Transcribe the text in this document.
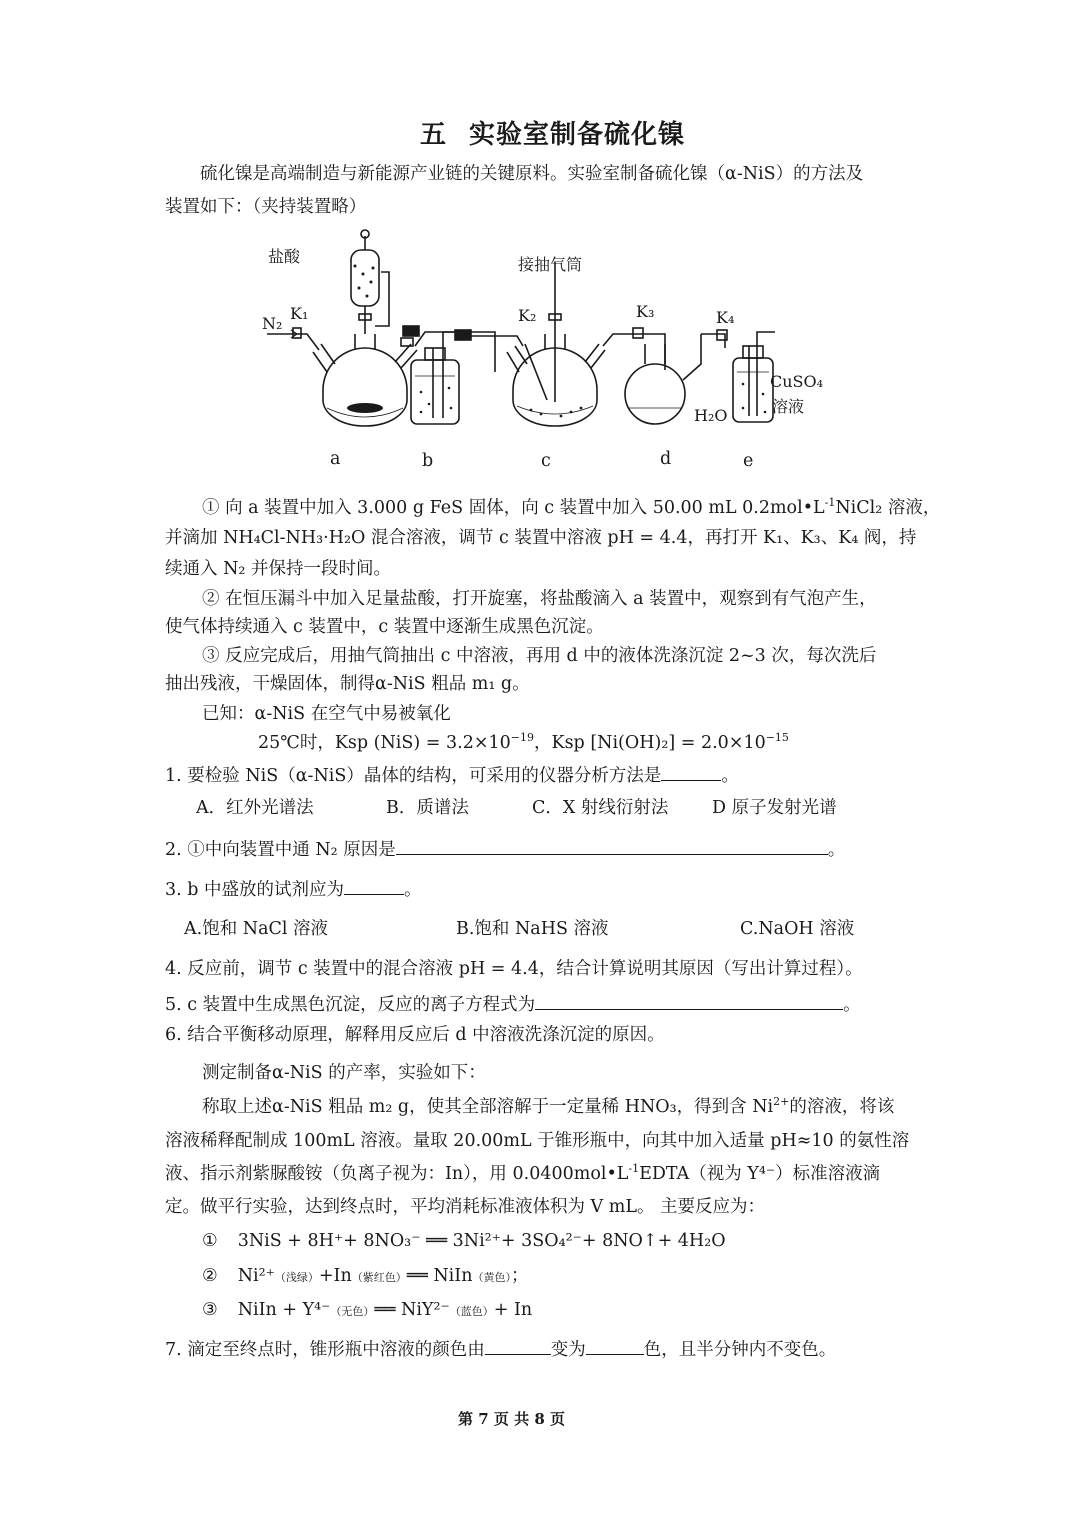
五 实验室制备硫化镍
硫化镍是高端制造与新能源产业链的关键原料。实验室制备硫化镍（α-NiS）的方法及
装置如下：（夹持装置略）
盐酸	接抽气筒
N₂
K₁	K₂	K₃	K₄
H₂O
CuSO₄
溶液
a	b	c	d	e
① 向 a 装置中加入 3.000 g FeS 固体，向 c 装置中加入 50.00 mL $0.2mol•L^{-1}NiCl_2$ 溶液，
并滴加 NH₄Cl-NH₃·H₂O 混合溶液，调节 c 装置中溶液 pH = 4.4，再打开 K₁、K₃、K₄ 阀，持
续通入 N₂ 并保持一段时间。
② 在恒压漏斗中加入足量盐酸，打开旋塞，将盐酸滴入 a 装置中，观察到有气泡产生，
使气体持续通入 c 装置中，c 装置中逐渐生成黑色沉淀。
③ 反应完成后，用抽气筒抽出 c 中溶液，再用 d 中的液体洗涤沉淀 2~3 次，每次洗后
抽出残液，干燥固体，制得α-NiS 粗品 m₁ g。
已知：α-NiS 在空气中易被氧化
25℃时，Ksp $(NiS) = 3.2\times 10^{-19}$，Ksp $[Ni(OH)_2] = 2.0\times 10^{-15}$
1. 要检验 NiS（α-NiS）晶体的结构，可采用的仪器分析方法是	。
A．红外光谱法	B．质谱法	C．X 射线衍射法 D 原子发射光谱
2. ①中向装置中通 N₂ 原因是	。
3. b 中盛放的试剂应为	。
A.饱和 NaCl 溶液	B.饱和 NaHS 溶液	C.NaOH 溶液
4. 反应前，调节 c 装置中的混合溶液 pH = 4.4，结合计算说明其原因（写出计算过程）。
5. c 装置中生成黑色沉淀，反应的离子方程式为	。
6. 结合平衡移动原理，解释用反应后 d 中溶液洗涤沉淀的原因。
测定制备α-NiS 的产率，实验如下：
称取上述α-NiS 粗品 m₂ g，使其全部溶解于一定量稀 HNO₃，得到含 $Ni^{2+}$的溶液，将该
溶液稀释配制成 100mL 溶液。量取 20.00mL 于锥形瓶中，向其中加入适量 pH≈10 的氨性溶
液、指示剂紫脲酸铵（负离子视为：In），用 $0.0400mol•L^{-1}EDTA$（视为 Y⁴⁻）标准溶液滴
定。做平行实验，达到终点时，平均消耗标准液体积为 V mL。 主要反应为：
① 3NiS + 8H⁺+ 8NO₃⁻ ══ 3Ni²⁺+ 3SO₄²⁻+ 8NO↑+ 4H₂O
② Ni²⁺（浅绿）+In（紫红色）══ NiIn（黄色）；
③ NiIn + Y⁴⁻（无色）══ NiY²⁻（蓝色）+ In
7. 滴定至终点时，锥形瓶中溶液的颜色由	变为	色，且半分钟内不变色。
第 7 页 共 8 页
